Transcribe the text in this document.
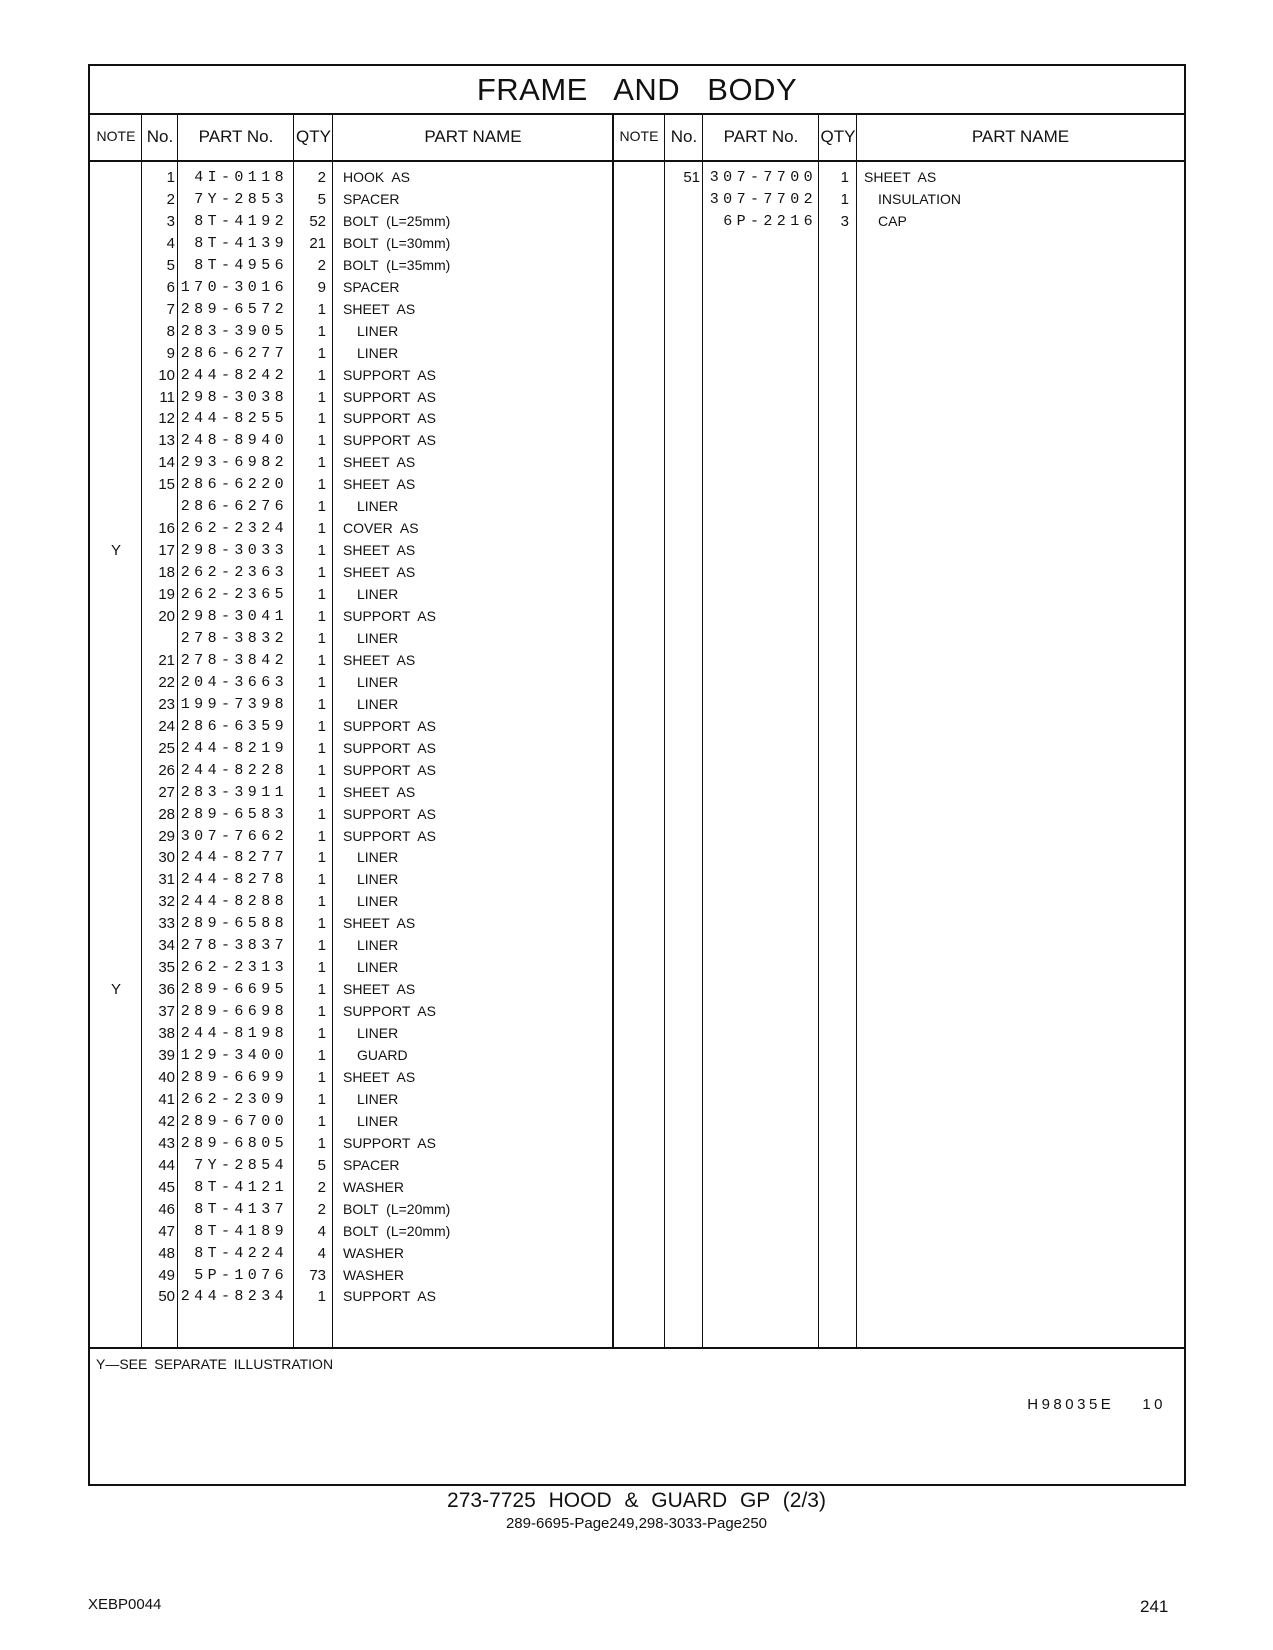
FRAME AND BODY
NOTE No.	PART No.	QTY	PART NAME	NOTE No.	PART No.	QTY	PART NAME
1	4I-0118	2 HOOK AS
2	7Y-2853	5 SPACER
3	8T-4192	52 BOLT (L=25mm)
4	8T-4139	21 BOLT (L=30mm)
5	8T-4956	2 BOLT (L=35mm)
6 170-3016	9 SPACER
7 289-6572	1 SHEET AS
8 283-3905	1 LINER
9 286-6277	1 LINER
10 244-8242	1 SUPPORT AS
11 298-3038	1 SUPPORT AS
12 244-8255	1 SUPPORT AS
13 248-8940	1 SUPPORT AS
14 293-6982	1 SHEET AS
15 286-6220	1 SHEET AS
286-6276	1 LINER
16 262-2324	1 COVER AS
Y	17 298-3033	1 SHEET AS
18 262-2363	1 SHEET AS
19 262-2365	1 LINER
20 298-3041	1 SUPPORT AS
278-3832	1 LINER
21 278-3842	1 SHEET AS
22 204-3663	1 LINER
23 199-7398	1 LINER
24 286-6359	1 SUPPORT AS
25 244-8219	1 SUPPORT AS
26 244-8228	1 SUPPORT AS
27 283-3911	1 SHEET AS
28 289-6583	1 SUPPORT AS
29 307-7662	1 SUPPORT AS
30 244-8277	1 LINER
31 244-8278	1 LINER
32 244-8288	1 LINER
33 289-6588	1 SHEET AS
34 278-3837	1 LINER
35 262-2313	1 LINER
Y	36 289-6695	1 SHEET AS
37 289-6698	1 SUPPORT AS
38 244-8198	1 LINER
39 129-3400	1 GUARD
40 289-6699	1 SHEET AS
41 262-2309	1 LINER
42 289-6700	1 LINER
43 289-6805	1 SUPPORT AS
44	7Y-2854	5 SPACER
45	8T-4121	2 WASHER
46	8T-4137	2 BOLT (L=20mm)
47	8T-4189	4 BOLT (L=20mm)
48	8T-4224	4 WASHER
49	5P-1076	73 WASHER
50 244-8234	1 SUPPORT AS
51 307-7700	1 SHEET AS
307-7702	1 INSULATION
6P-2216	3 CAP
Y—SEE SEPARATE ILLUSTRATION
H98035E 10
273-7725 HOOD & GUARD GP (2/3)
289-6695-Page249,298-3033-Page250
XEBP0044	241
